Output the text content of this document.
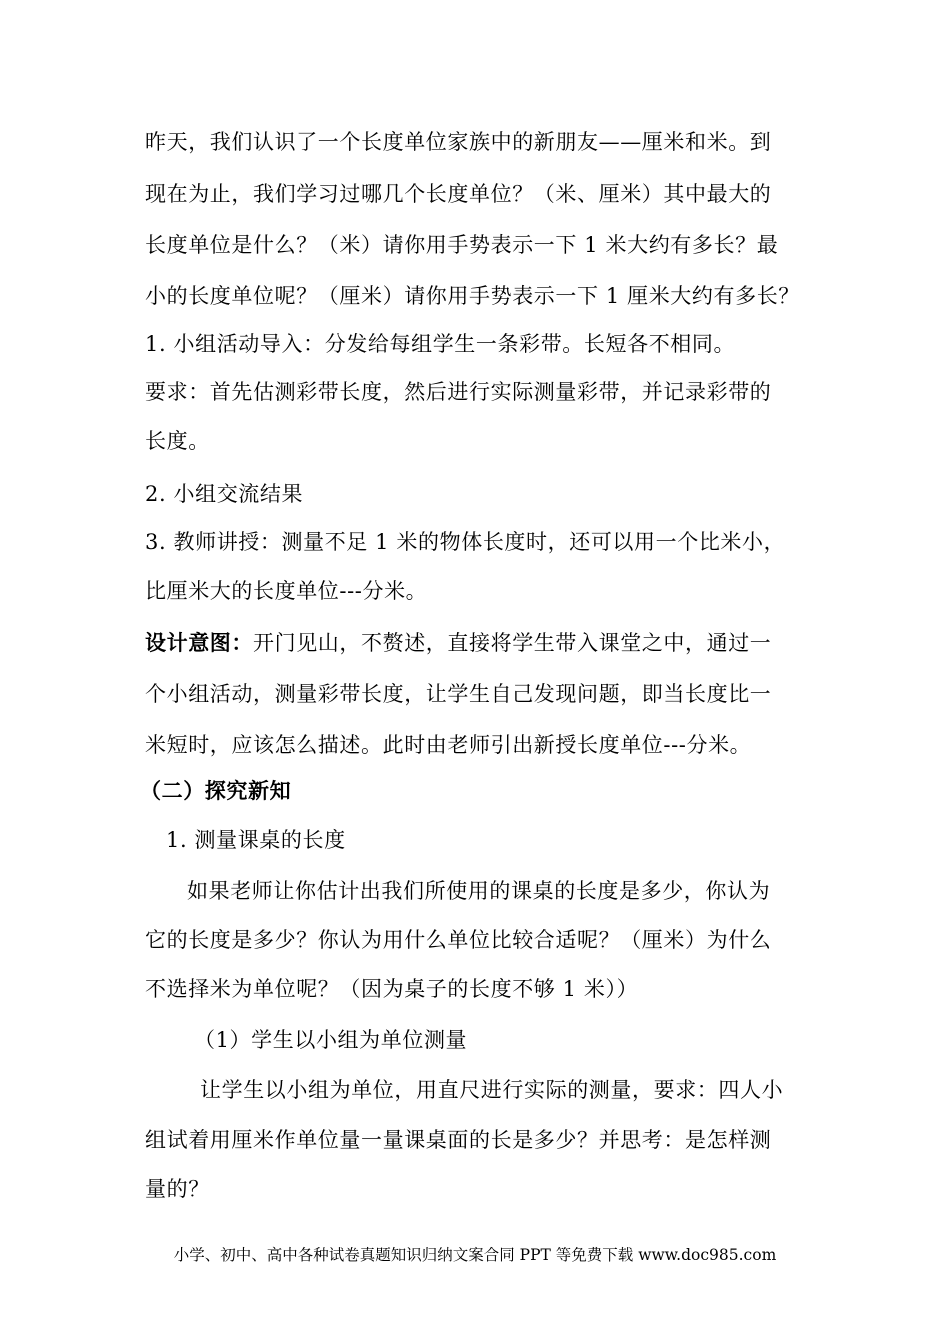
昨天，我们认识了一个长度单位家族中的新朋友——厘米和米。到
现在为止，我们学习过哪几个长度单位？（米、厘米）其中最大的
长度单位是什么？（米）请你用手势表示一下 1 米大约有多长？最
小的长度单位呢？（厘米）请你用手势表示一下 1 厘米大约有多长？
1. 小组活动导入：分发给每组学生一条彩带。长短各不相同。
要求：首先估测彩带长度，然后进行实际测量彩带，并记录彩带的
长度。
2. 小组交流结果
3. 教师讲授：测量不足 1 米的物体长度时，还可以用一个比米小，
比厘米大的长度单位---分米。
设计意图：开门见山，不赘述，直接将学生带入课堂之中，通过一
个小组活动，测量彩带长度，让学生自己发现问题，即当长度比一
米短时，应该怎么描述。此时由老师引出新授长度单位---分米。
（二）探究新知
1. 测量课桌的长度
如果老师让你估计出我们所使用的课桌的长度是多少，你认为
它的长度是多少？你认为用什么单位比较合适呢？（厘米）为什么
不选择米为单位呢？（因为桌子的长度不够 1 米））
（1）学生以小组为单位测量
让学生以小组为单位，用直尺进行实际的测量，要求：四人小
组试着用厘米作单位量一量课桌面的长是多少？并思考：是怎样测
量的？
小学、初中、高中各种试卷真题知识归纳文案合同 PPT 等免费下载 www.doc985.com
